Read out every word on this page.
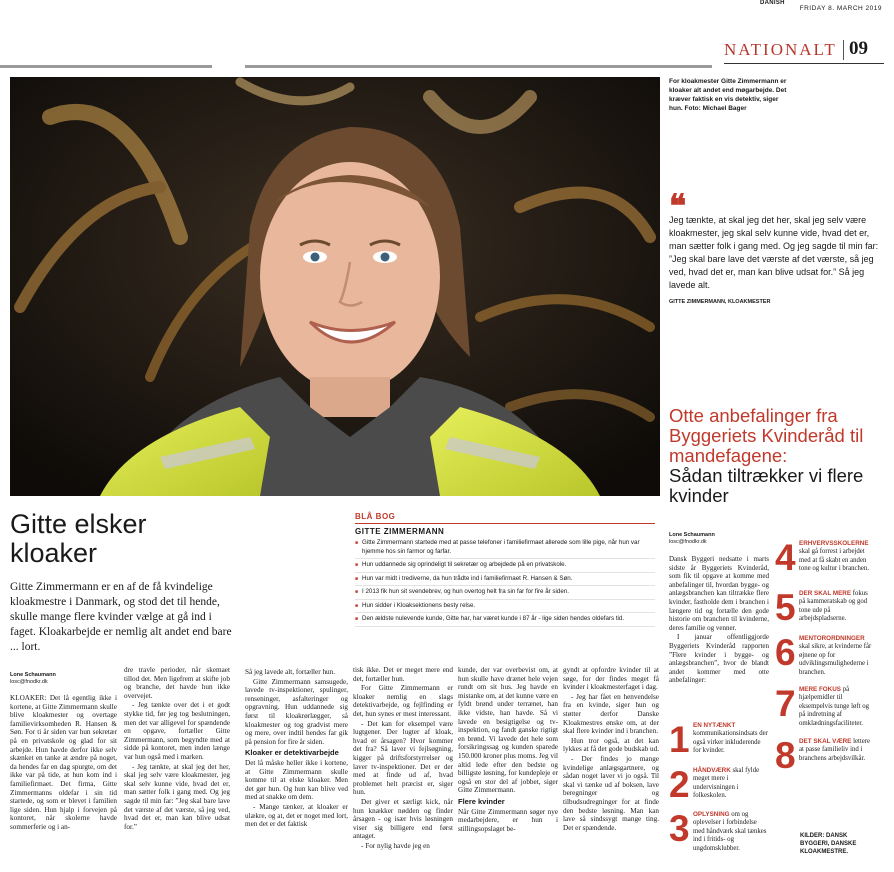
DANISH
FRIDAY 8. MARCH 2019
NATIONALT 09
For kloakmester Gitte Zimmermann er kloaker alt andet end møgarbejde. Det kræver faktisk en vis detektiv, siger hun. Foto: Michael Bager
❝
Jeg tænkte, at skal jeg det her, skal jeg selv være kloakmester, jeg skal selv kunne vide, hvad det er, man sætter folk i gang med. Og jeg sagde til min far: ”Jeg skal bare lave det værste af det værste, så jeg ved, hvad det er, man kan blive udsat for.” Så jeg lavede alt.
GITTE ZIMMERMANN, KLOAKMESTER
Otte anbefalinger fra Byggeriets Kvinderåd til mandefagene:
Sådan tiltrækker vi flere kvinder
Gitte elsker kloaker
Gitte Zimmermann er en af de få kvindelige kloakmestre i Danmark, og stod det til hende, skulle mange flere kvinder vælge at gå ind i faget. Kloakarbejde er nemlig alt andet end bare ... lort.
Lone Schaumann
losc@fnodkr.dk

KLOAKER: Det lå egentlig ikke i kortene, at Gitte Zimmermann skulle blive kloakmester og overtage familievirksomheden R. Hansen & Søn. For ti år siden var hun sekretær på en privatskole og glad for sit arbejde. Hun havde derfor ikke selv skænket en tanke at ændre på noget, da hendes far en dag spurgte, om det ikke var på tide, at hun kom ind i familiefirmaet. Det firma, Gitte Zimmermanns oldefar i sin tid startede, og som er blevet i familien lige siden. Hun hjalp i forvejen på kontoret, når skolerne havde sommerferie og i an-

dre travle perioder, når skemaet tillod det. Men ligefrem at skifte job og branche, det havde hun ikke overvejet.

- Jeg tænkte over det i et godt stykke tid, før jeg tog beslutningen, men det var alligevel for spændende en opgave, fortæller Gitte Zimmermann, som begyndte med at sidde på kontoret, men inden længe var hun også med i marken.

- Jeg tænkte, at skal jeg det her, skal jeg selv være kloakmester, jeg skal selv kunne vide, hvad det er, man sætter folk i gang med. Og jeg sagde til min far: ”Jeg skal bare lave det værste af det værste, så jeg ved, hvad det er, man kan blive udsat for.”

Så jeg lavede alt, fortæller hun.

Gitte Zimmermann samsugede, lavede tv-inspektioner, spulinger, renseninger, asfalteringer og opgravning. Hun uddannede sig først til kloakrørlægger, så kloakmester og tog gradvist mere og mere, over indtil hendes far gik på pension for fire år siden.

Kloaker er detektivarbejde

Det lå måske heller ikke i kortene, at Gitte Zimmermann skulle komme til at elske kloaker. Men det gør hun. Og hun kan blive ved med at snakke om dem.

- Mange tænker, at kloaker er ulækre, og at, det er noget med lort, men det er det faktisk

tisk ikke. Det er meget mere end det, fortæller hun.

For Gitte Zimmermann er kloaker nemlig en slags detektivarbejde, og fejlfinding er det, hun synes er mest interessant.

- Det kan for eksempel være lugtgener. Der lugter af kloak, hvad er årsagen? Hvor kommer det fra? Så laver vi fejlsøgning, kigger på driftsforstyrrelser og laver tv-inspektioner. Det er der med at finde ud af, hvad problemet helt præcist er, siger hun.

Det giver et særligt kick, når hun knækker nødden og finder årsagen - og især hvis løsningen viser sig billigere end først antaget.

- For nylig havde jeg en

kunde, der var overbevist om, at hun skulle have drænet hele vejen rundt om sit hus. Jeg havde en mistanke om, at det kunne være en fyldt brønd under terrænet, han ikke vidste, han havde. Så vi lavede en besigtigelse og tv-inspektion, og fandt ganske rigtigt en brønd. Vi lavede det hele som forsikringssag og kunden sparede 150.000 kroner plus moms. Jeg vil altid lede efter den bedste og billigste løsning, for kundepleje er også en stor del af jobbet, siger Gitte Zimmermann.

Flere kvinder

Når Gitte Zimmermann søger nye medarbejdere, er hun i stillingsopslaget be-

gyndt at opfordre kvinder til at søge, for der findes meget få kvinder i kloakmesterfaget i dag.

- Jeg har fået en henvendelse fra en kvinde, siger hun og støtter derfor Danske Kloakmestres ønske om, at der skal flere kvinder ind i branchen.

Hun tror også, at det kan lykkes at få det gode budskab ud.

- Der findes jo mange kvindelige anlægsgartnere, og sådan noget laver vi jo også. Til skal vi tænke ud af boksen, lave beregninger og tilbudsudregninger for at finde den bedste løsning. Man kan lave så sindssygt mange ting. Det er spændende.

BLÅ BOG
GITTE ZIMMERMANN
■ Gitte Zimmermann startede med at passe telefoner i familiefirmaet allerede som lille pige, når hun var hjemme hos sin farmor og farfar.
■ Hun uddannede sig oprindeligt til sekretær og arbejdede på en privatskole.
■ Hun var midt i trediverne, da hun trådte ind i familiefirmaet R. Hansen & Søn.
■ I 2013 fik hun sit svendebrev, og hun overtog helt fra sin far for fire år siden.
■ Hun sidder i Kloaksektionens besty relse.
■ Den ældste nulevende kunde, Gitte har, har været kunde i 87 år - lige siden hendes oldefars tid.
Lone Schaumann
losc@fnodkr.dk

Dansk Byggeri nedsatte i marts sidste år Byggeriets Kvinderåd, som fik til opgave at komme med anbefalinger til, hvordan bygge- og anlægsbranchen kan tiltrække flere kvinder, fastholde dem i branchen i længere tid og fortælle den gode historie om branchen til kvinderne, deres familie og venner.

I januar offentliggjorde Byggeriets Kvinderåd rapporten ”Flere kvinder i bygge- og anlægsbranchen”, hvor de blandt andet kommer med otte anbefalinger:

1 EN NYTÆNKT kommunikationsindsats der også virker inkluderende for kvinder.
2 HÅNDVÆRK skal fylde meget mere i undervisningen i folkeskolen.
3 OPLYSNING om og oplevelser i forbindelse med håndværk skal tænkes ind i fritids- og ungdomsklubber.
4 ERHVERVSSKOLERNE skal gå forrest i arbejdet med at få skabt en anden tone og kultur i branchen.
5 DER SKAL MERE fokus på kammeratskab og god tone ude på arbejdspladserne.
6 MENTORORDNINGER skal sikre, at kvinderne får øjnene op for udviklingsmulighederne i branchen.
7 MERE FOKUS på hjælpemidler til eksempelvis tunge løft og på indretning af omklædningsfaciliteter.
8 DET SKAL VÆRE lettere at passe familieliv ind i branchens arbejdsvilkår.
KILDER: DANSK BYGGERI, DANSKE KLOAKMESTRE.
